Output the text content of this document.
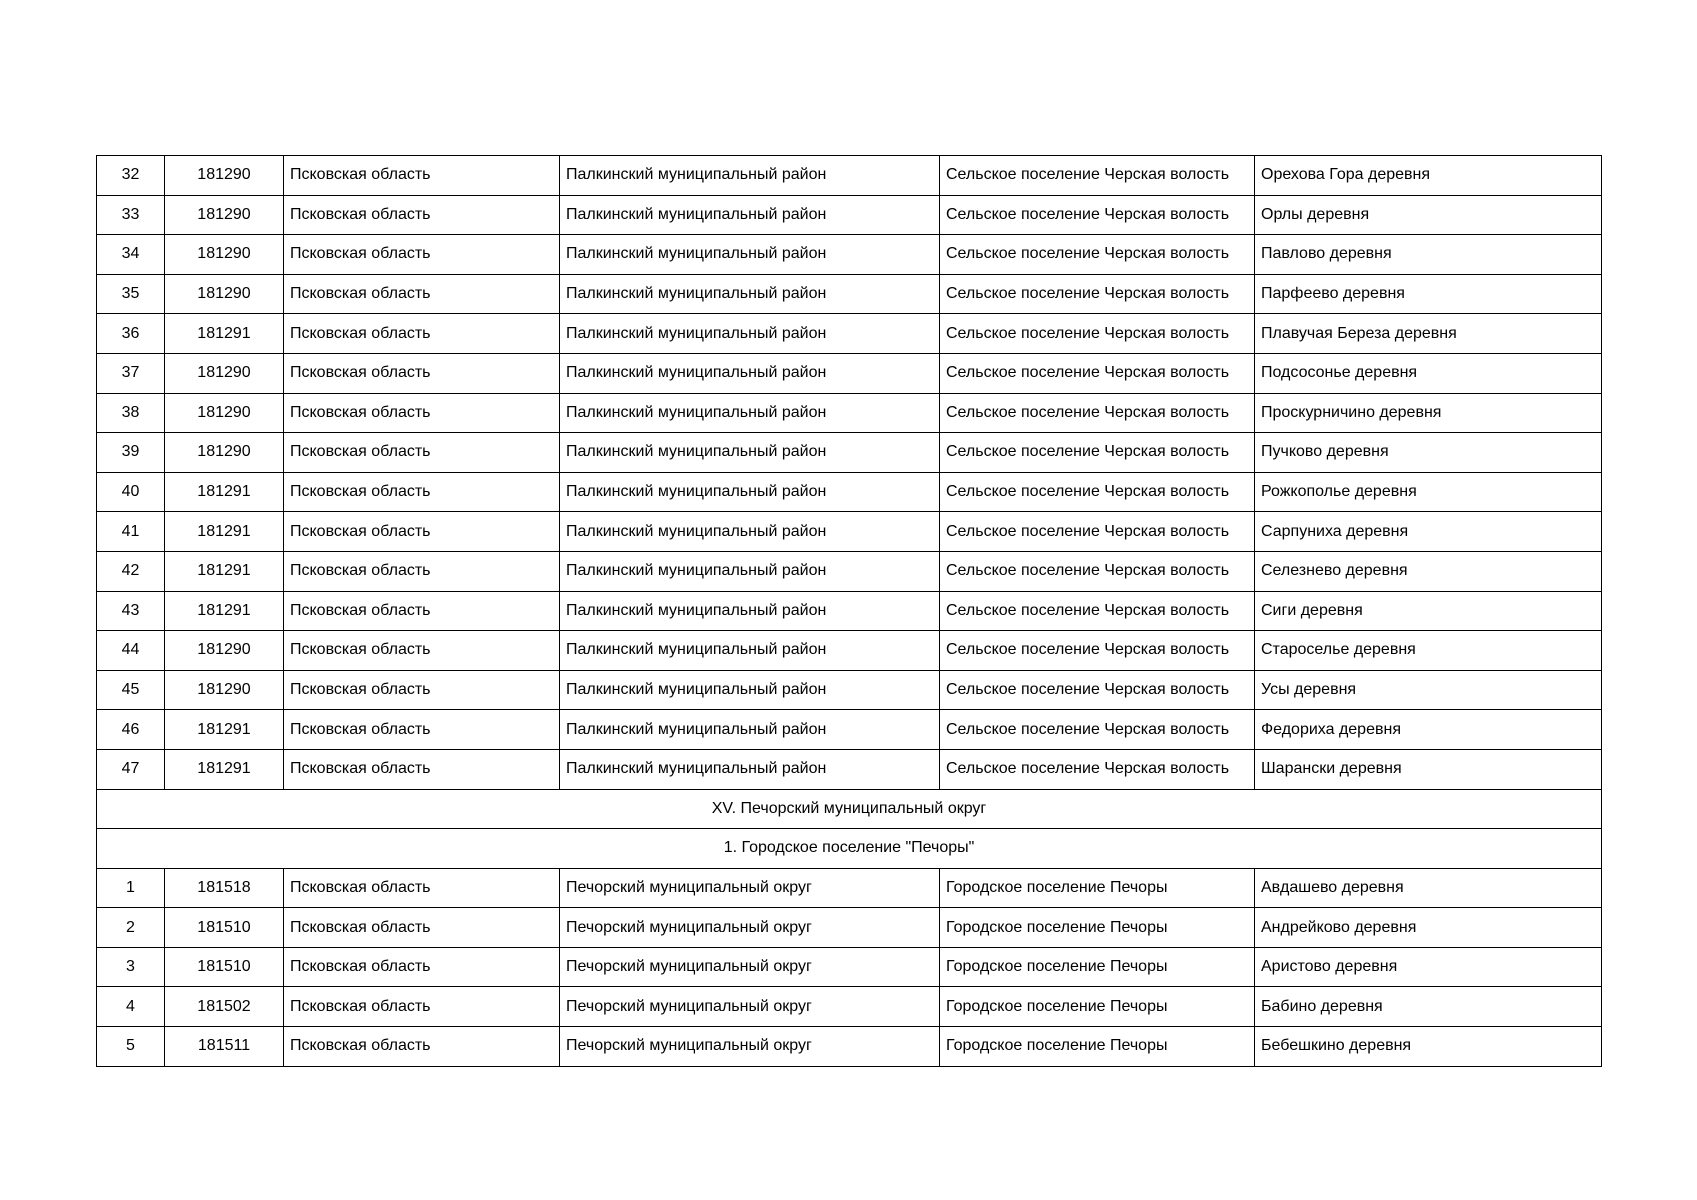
32	181290	Псковская область	Палкинский муниципальный район	Сельское поселение Черская волость	Орехова Гора деревня
33	181290	Псковская область	Палкинский муниципальный район	Сельское поселение Черская волость	Орлы деревня
34	181290	Псковская область	Палкинский муниципальный район	Сельское поселение Черская волость	Павлово деревня
35	181290	Псковская область	Палкинский муниципальный район	Сельское поселение Черская волость	Парфеево деревня
36	181291	Псковская область	Палкинский муниципальный район	Сельское поселение Черская волость	Плавучая Береза деревня
37	181290	Псковская область	Палкинский муниципальный район	Сельское поселение Черская волость	Подсосонье деревня
38	181290	Псковская область	Палкинский муниципальный район	Сельское поселение Черская волость	Проскурничино деревня
39	181290	Псковская область	Палкинский муниципальный район	Сельское поселение Черская волость	Пучково деревня
40	181291	Псковская область	Палкинский муниципальный район	Сельское поселение Черская волость	Рожкополье деревня
41	181291	Псковская область	Палкинский муниципальный район	Сельское поселение Черская волость	Сарпуниха деревня
42	181291	Псковская область	Палкинский муниципальный район	Сельское поселение Черская волость	Селезнево деревня
43	181291	Псковская область	Палкинский муниципальный район	Сельское поселение Черская волость	Сиги деревня
44	181290	Псковская область	Палкинский муниципальный район	Сельское поселение Черская волость	Староселье деревня
45	181290	Псковская область	Палкинский муниципальный район	Сельское поселение Черская волость	Усы деревня
46	181291	Псковская область	Палкинский муниципальный район	Сельское поселение Черская волость	Федориха деревня
47	181291	Псковская область	Палкинский муниципальный район	Сельское поселение Черская волость	Шарански деревня
XV. Печорский муниципальный округ					
1. Городское поселение "Печоры"					
1	181518	Псковская область	Печорский муниципальный округ	Городское поселение Печоры	Авдашево деревня
2	181510	Псковская область	Печорский муниципальный округ	Городское поселение Печоры	Андрейково деревня
3	181510	Псковская область	Печорский муниципальный округ	Городское поселение Печоры	Аристово деревня
4	181502	Псковская область	Печорский муниципальный округ	Городское поселение Печоры	Бабино деревня
5	181511	Псковская область	Печорский муниципальный округ	Городское поселение Печоры	Бебешкино деревня
